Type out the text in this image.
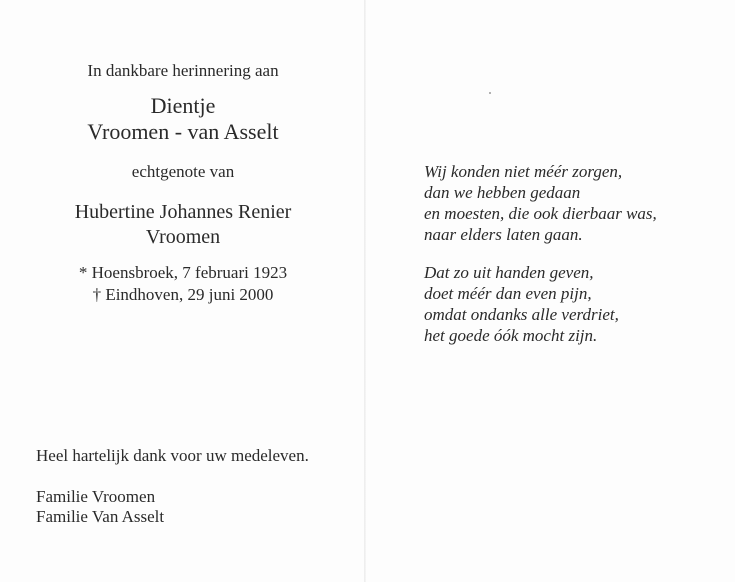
In dankbare herinnering aan
Dientje
Vroomen - van Asselt
echtgenote van
Hubertine Johannes Renier
Vroomen
* Hoensbroek, 7 februari 1923
† Eindhoven, 29 juni 2000
Heel hartelijk dank voor uw medeleven.
Familie Vroomen
Familie Van Asselt
Wij konden niet méér zorgen,
dan we hebben gedaan
en moesten, die ook dierbaar was,
naar elders laten gaan.
Dat zo uit handen geven,
doet méér dan even pijn,
omdat ondanks alle verdriet,
het goede óók mocht zijn.
